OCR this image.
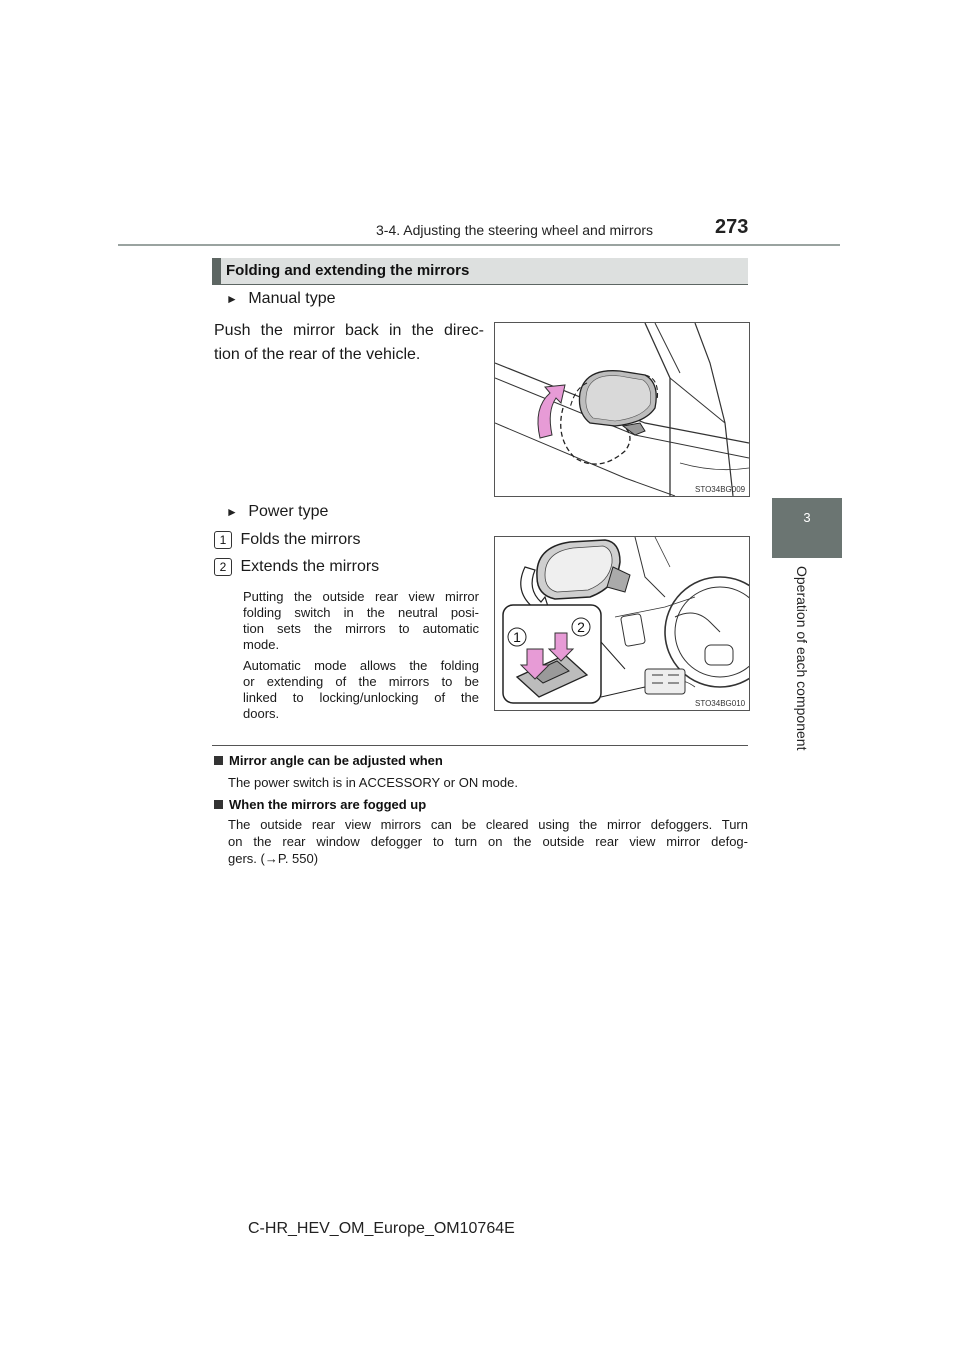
3-4. Adjusting the steering wheel and mirrors	273
3
Operation of each component
Folding and extending the mirrors
► Manual type
Push the mirror back in the direc-
tion of the rear of the vehicle.
STO34BG009
► Power type
1 Folds the mirrors
2 Extends the mirrors
Putting the outside rear view mirror
folding switch in the neutral posi-
tion sets the mirrors to automatic
mode.
Automatic mode allows the folding
or extending of the mirrors to be
linked to locking/unlocking of the
doors.
1
2
STO34BG010
Mirror angle can be adjusted when
The power switch is in ACCESSORY or ON mode.
When the mirrors are fogged up
The outside rear view mirrors can be cleared using the mirror defoggers. Turn
on the rear window defogger to turn on the outside rear view mirror defog-
gers. (→P. 550)
C-HR_HEV_OM_Europe_OM10764E
